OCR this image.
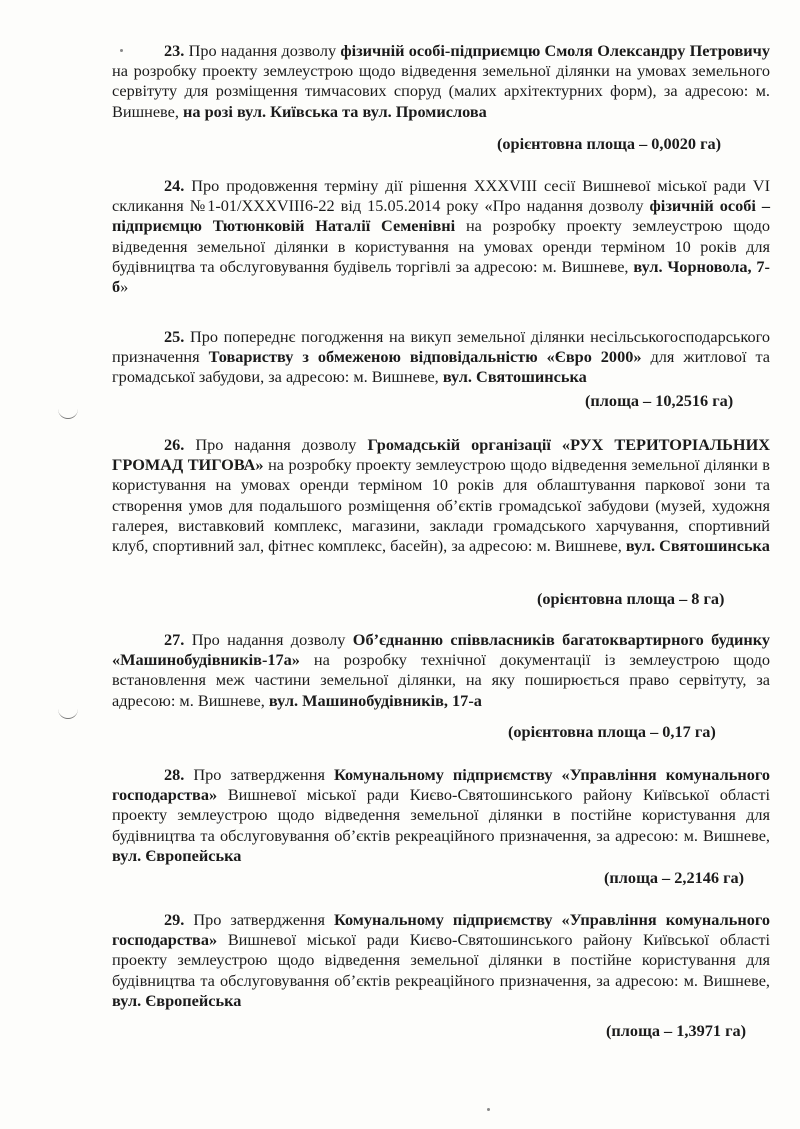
23. Про надання дозволу фізичній особі-підприємцю Смоля Олександру Петровичу на розробку проекту землеустрою щодо відведення земельної ділянки на умовах земельного сервітуту для розміщення тимчасових споруд (малих архітектурних форм), за адресою: м. Вишневе, на розі вул. Київська та вул. Промислова
(орієнтовна площа – 0,0020 га)
24. Про продовження терміну дії рішення XXXVIII сесії Вишневої міської ради VI скликання №1-01/XXXVIII6-22 від 15.05.2014 року «Про надання дозволу фізичній особі – підприємцю Тютюнковій Наталії Семенівні на розробку проекту землеустрою щодо відведення земельної ділянки в користування на умовах оренди терміном 10 років для будівництва та обслуговування будівель торгівлі за адресою: м. Вишневе, вул. Чорновола, 7-б»
25. Про попереднє погодження на викуп земельної ділянки несільськогосподарського призначення Товариству з обмеженою відповідальністю «Євро 2000» для житлової та громадської забудови, за адресою: м. Вишневе, вул. Святошинська
(площа – 10,2516 га)
26. Про надання дозволу Громадській організації «РУХ ТЕРИТОРІАЛЬНИХ ГРОМАД ТИГОВА» на розробку проекту землеустрою щодо відведення земельної ділянки в користування на умовах оренди терміном 10 років для облаштування паркової зони та створення умов для подальшого розміщення об’єктів громадської забудови (музей, художня галерея, виставковий комплекс, магазини, заклади громадського харчування, спортивний клуб, спортивний зал, фітнес комплекс, басейн), за адресою: м. Вишневе, вул. Святошинська
(орієнтовна площа – 8 га)
27. Про надання дозволу Об’єднанню співвласників багатоквартирного будинку «Машинобудівників-17а» на розробку технічної документації із землеустрою щодо встановлення меж частини земельної ділянки, на яку поширюється право сервітуту, за адресою: м. Вишневе, вул. Машинобудівників, 17-а
(орієнтовна площа – 0,17 га)
28. Про затвердження Комунальному підприємству «Управління комунального господарства» Вишневої міської ради Києво-Святошинського району Київської області проекту землеустрою щодо відведення земельної ділянки в постійне користування для будівництва та обслуговування об’єктів рекреаційного призначення, за адресою: м. Вишневе, вул. Європейська
(площа – 2,2146 га)
29. Про затвердження Комунальному підприємству «Управління комунального господарства» Вишневої міської ради Києво-Святошинського району Київської області проекту землеустрою щодо відведення земельної ділянки в постійне користування для будівництва та обслуговування об’єктів рекреаційного призначення, за адресою: м. Вишневе, вул. Європейська
(площа – 1,3971 га)
